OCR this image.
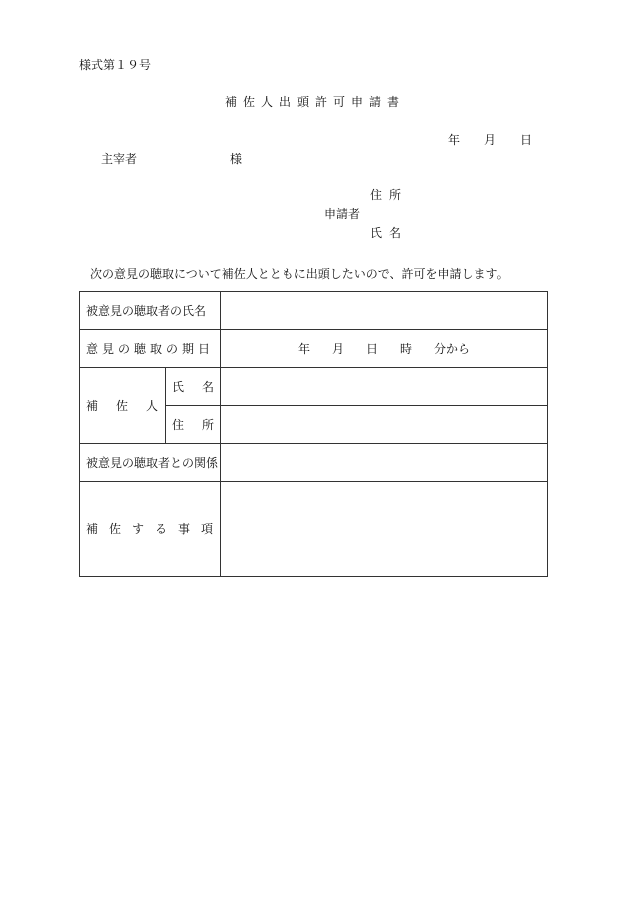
様式第１９号
補佐人出頭許可申請書
年 月 日
主宰者	様
住所
申請者
氏名
次の意見の聴取について補佐人とともに出頭したいので、許可を申請します。
被意見の聴取者の氏名		
意見の聴取の期日		年 月 日 時 分から
補佐人	氏名	
	住所	
被意見の聴取者との関係		
補佐する事項		
